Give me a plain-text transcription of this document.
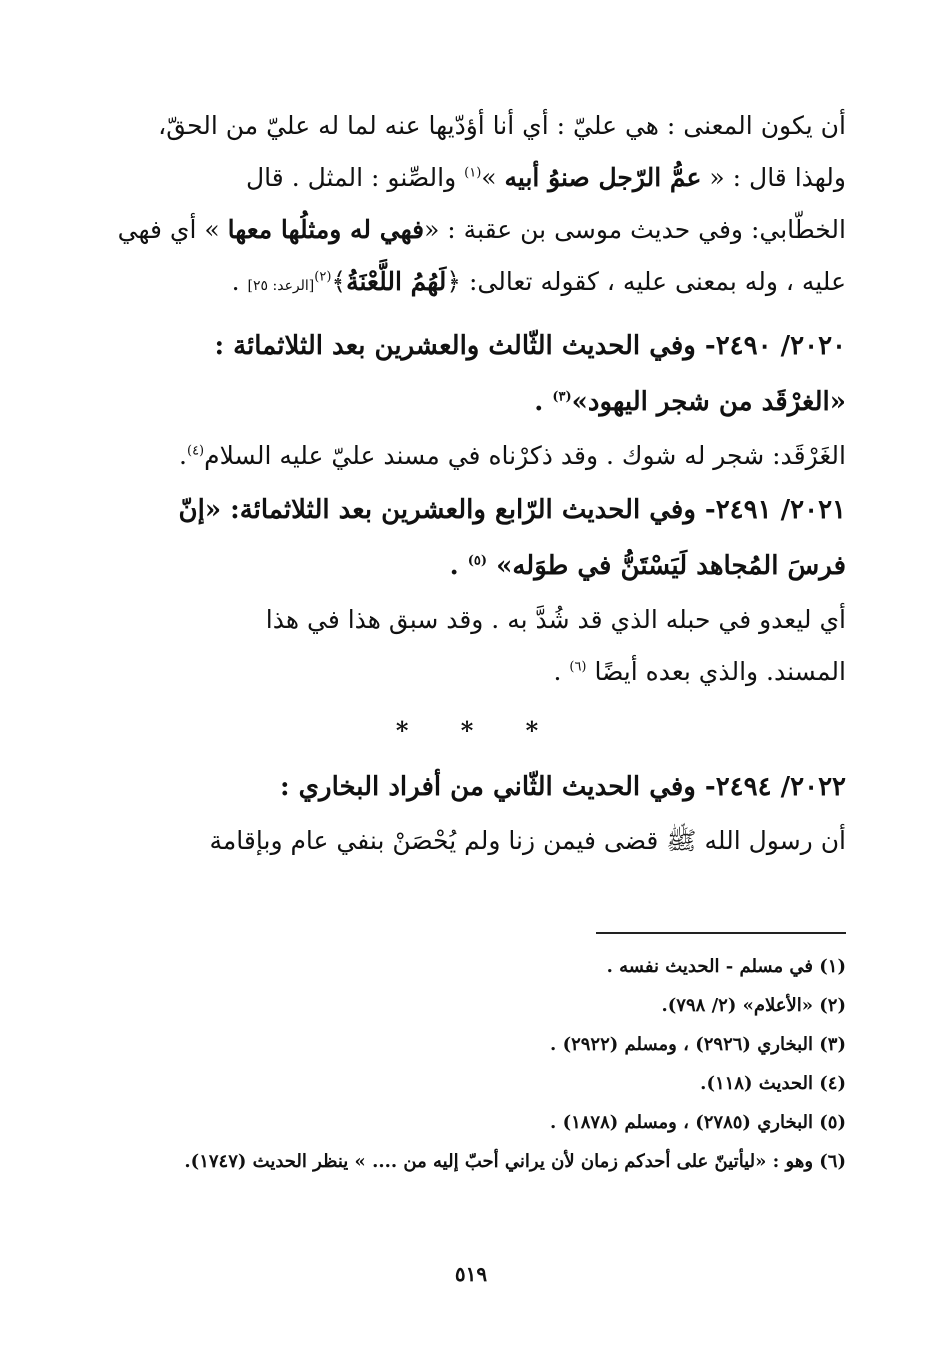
أن يكون المعنى : هي عليّ : أي أنا أؤدّيها عنه لما له عليّ من الحقّ،
ولهذا قال : « عمُّ الرّجل صنوُ أبيه »$^{(١)}$ والصِّنو : المثل . قال
الخطّابي: وفي حديث موسى بن عقبة : «فهي له ومثلُها معها » أي فهي
عليه ، وله بمعنى عليه ، كقوله تعالى: ﴿لَهُمُ اللَّعْنَةُ﴾$^{(٢)}$[الرعد: ٢٥] .

٢٠٢٠/ ٢٤٩٠- وفي الحديث الثّالث والعشرين بعد الثلاثمائة :
«الغرْقَد من شجر اليهود»$^{(٣)}$ .

الغَرْقَد: شجر له شوك . وقد ذكرْناه في مسند عليّ عليه السلام$^{(٤)}$.

٢٠٢١/ ٢٤٩١- وفي الحديث الرّابع والعشرين بعد الثلاثمائة: «إنّ
فرسَ المُجاهد لَيَسْتَنُّ في طوَله» $^{(٥)}$ .

أي ليعدو في حبله الذي قد شُدَّ به . وقد سبق هذا في هذا
المسند. والذي بعده أيضًا $^{(٦)}$ .

* * *

٢٠٢٢/ ٢٤٩٤- وفي الحديث الثّاني من أفراد البخاري :

أن رسول الله ﷺ قضى فيمن زنا ولم يُحْصَنْ بنفي عام وبإقامة

(١) في مسلم - الحديث نفسه .

(٢) «الأعلام» (٢/ ٧٩٨).

(٣) البخاري (٢٩٢٦) ، ومسلم (٢٩٢٢) .

(٤) الحديث (١١٨).

(٥) البخاري (٢٧٨٥) ، ومسلم (١٨٧٨) .

(٦) وهو : «ليأتينّ على أحدكم زمان لأن يراني أحبّ إليه من .... » ينظر الحديث (١٧٤٧).

٥١٩
